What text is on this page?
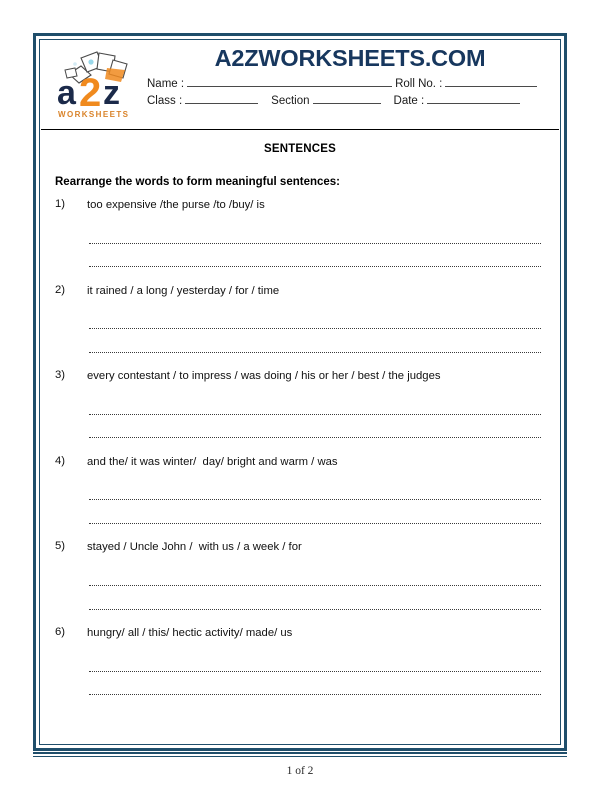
a 2 z
WORKSHEETS
A2ZWORKSHEETS.COM
Name :	Roll No. :
Class :	Section	Date :
SENTENCES
Rearrange the words to form meaningful sentences:
1)	too expensive /the purse /to /buy/ is
2)	it rained / a long / yesterday / for / time
3)	every contestant / to impress / was doing / his or her / best / the judges
4)	and the/ it was winter/  day/ bright and warm / was
5)	stayed / Uncle John /  with us / a week / for
6)	hungry/ all / this/ hectic activity/ made/ us
1 of 2
